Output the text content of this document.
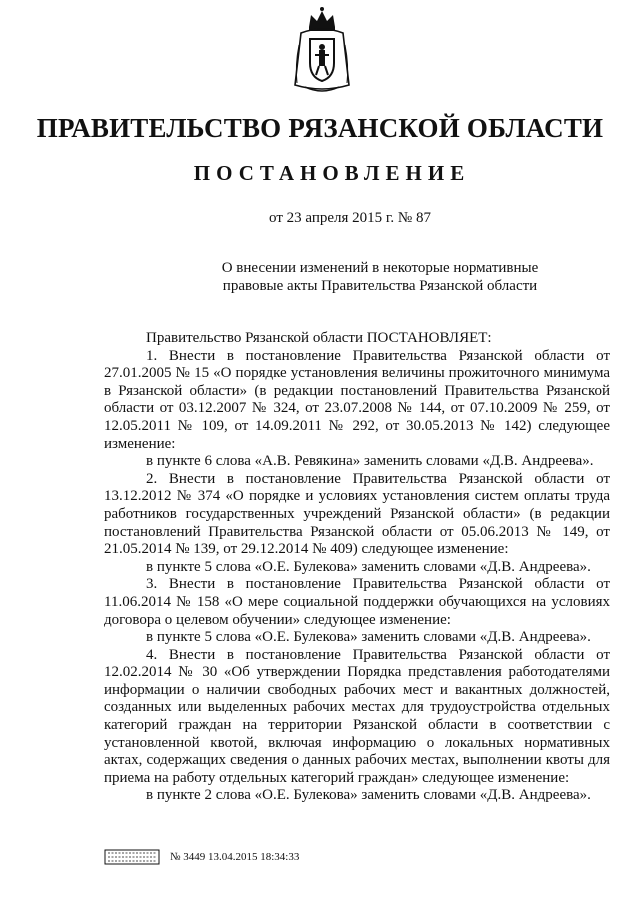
ПРАВИТЕЛЬСТВО РЯЗАНСКОЙ ОБЛАСТИ
ПОСТАНОВЛЕНИЕ

от 23 апреля 2015 г. № 87

О внесении изменений в некоторые нормативные
правовые акты Правительства Рязанской области

Правительство Рязанской области ПОСТАНОВЛЯЕТ:

1. Внести в постановление Правительства Рязанской области от 27.01.2005 № 15 «О порядке установления величины прожиточного минимума в Рязанской области» (в редакции постановлений Правительства Рязанской области от 03.12.2007 № 324, от 23.07.2008 № 144, от 07.10.2009 № 259, от 12.05.2011 № 109, от 14.09.2011 № 292, от 30.05.2013 № 142) следующее изменение:

в пункте 6 слова «А.В. Ревякина» заменить словами «Д.В. Андреева».

2. Внести в постановление Правительства Рязанской области от 13.12.2012 № 374 «О порядке и условиях установления систем оплаты труда работников государственных учреждений Рязанской области» (в редакции постановлений Правительства Рязанской области от 05.06.2013 № 149, от 21.05.2014 № 139, от 29.12.2014 № 409) следующее изменение:

в пункте 5 слова «О.Е. Булекова» заменить словами «Д.В. Андреева».

3. Внести в постановление Правительства Рязанской области от 11.06.2014 № 158 «О мере социальной поддержки обучающихся на условиях договора о целевом обучении» следующее изменение:

в пункте 5 слова «О.Е. Булекова» заменить словами «Д.В. Андреева».

4. Внести в постановление Правительства Рязанской области от 12.02.2014 № 30 «Об утверждении Порядка представления работодателями информации о наличии свободных рабочих мест и вакантных должностей, созданных или выделенных рабочих местах для трудоустройства отдельных категорий граждан на территории Рязанской области в соответствии с установленной квотой, включая информацию о локальных нормативных актах, содержащих сведения о данных рабочих местах, выполнении квоты для приема на работу отдельных категорий граждан» следующее изменение:

в пункте 2 слова «О.Е. Булекова» заменить словами «Д.В. Андреева».

№ 3449 13.04.2015 18:34:33
